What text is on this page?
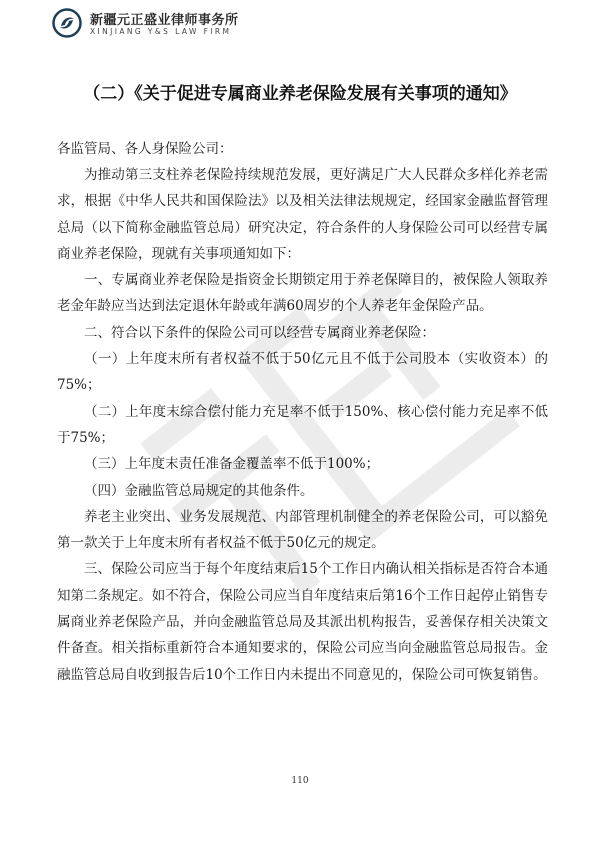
新疆元正盛业律师事务所
XINJIANG Y&S LAW FIRM
（二）《关于促进专属商业养老保险发展有关事项的通知》
各监管局、各人身保险公司：

为推动第三支柱养老保险持续规范发展，更好满足广大人民群众多样化养老需求，根据《中华人民共和国保险法》以及相关法律法规规定，经国家金融监督管理总局（以下简称金融监管总局）研究决定，符合条件的人身保险公司可以经营专属商业养老保险，现就有关事项通知如下：

一、专属商业养老保险是指资金长期锁定用于养老保障目的，被保险人领取养老金年龄应当达到法定退休年龄或年满60周岁的个人养老年金保险产品。

二、符合以下条件的保险公司可以经营专属商业养老保险：

（一）上年度末所有者权益不低于50亿元且不低于公司股本（实收资本）的75%；

（二）上年度末综合偿付能力充足率不低于150%、核心偿付能力充足率不低于75%；

（三）上年度末责任准备金覆盖率不低于100%；

（四）金融监管总局规定的其他条件。

养老主业突出、业务发展规范、内部管理机制健全的养老保险公司，可以豁免第一款关于上年度末所有者权益不低于50亿元的规定。

三、保险公司应当于每个年度结束后15个工作日内确认相关指标是否符合本通知第二条规定。如不符合，保险公司应当自年度结束后第16个工作日起停止销售专属商业养老保险产品，并向金融监管总局及其派出机构报告，妥善保存相关决策文件备查。相关指标重新符合本通知要求的，保险公司应当向金融监管总局报告。金融监管总局自收到报告后10个工作日内未提出不同意见的，保险公司可恢复销售。

110
